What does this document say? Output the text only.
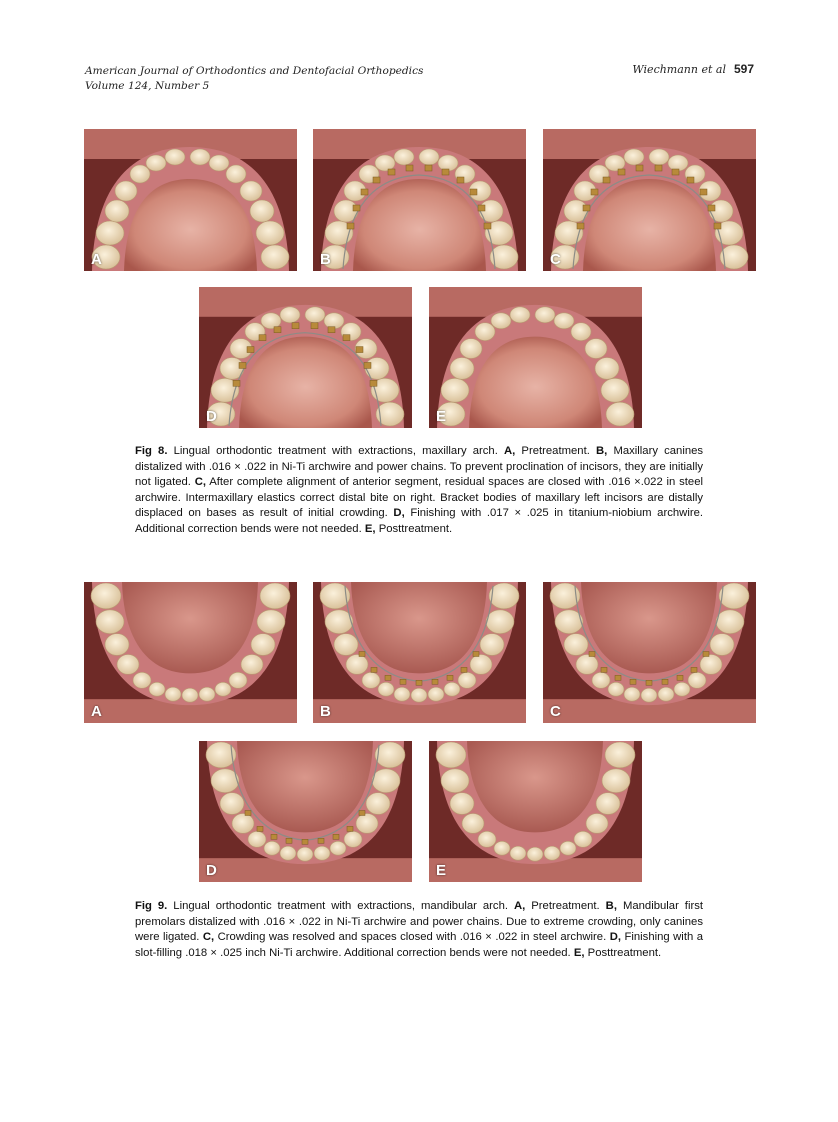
American Journal of Orthodontics and Dentofacial Orthopedics
Volume 124, Number 5
Wiechmann et al 597
A	B	C
D	E
Fig 8. Lingual orthodontic treatment with extractions, maxillary arch. A, Pretreatment. B, Maxillary canines distalized with .016 × .022 in Ni-Ti archwire and power chains. To prevent proclination of incisors, they are initially not ligated. C, After complete alignment of anterior segment, residual spaces are closed with .016 ×.022 in steel archwire. Intermaxillary elastics correct distal bite on right. Bracket bodies of maxillary left incisors are distally displaced on bases as result of initial crowding. D, Finishing with .017 × .025 in titanium-niobium archwire. Additional correction bends were not needed. E, Posttreatment.
A	B	C
D	E
Fig 9. Lingual orthodontic treatment with extractions, mandibular arch. A, Pretreatment. B, Mandibular first premolars distalized with .016 × .022 in Ni-Ti archwire and power chains. Due to extreme crowding, only canines were ligated. C, Crowding was resolved and spaces closed with .016 × .022 in steel archwire. D, Finishing with a slot-filling .018 × .025 inch Ni-Ti archwire. Additional correction bends were not needed. E, Posttreatment.
